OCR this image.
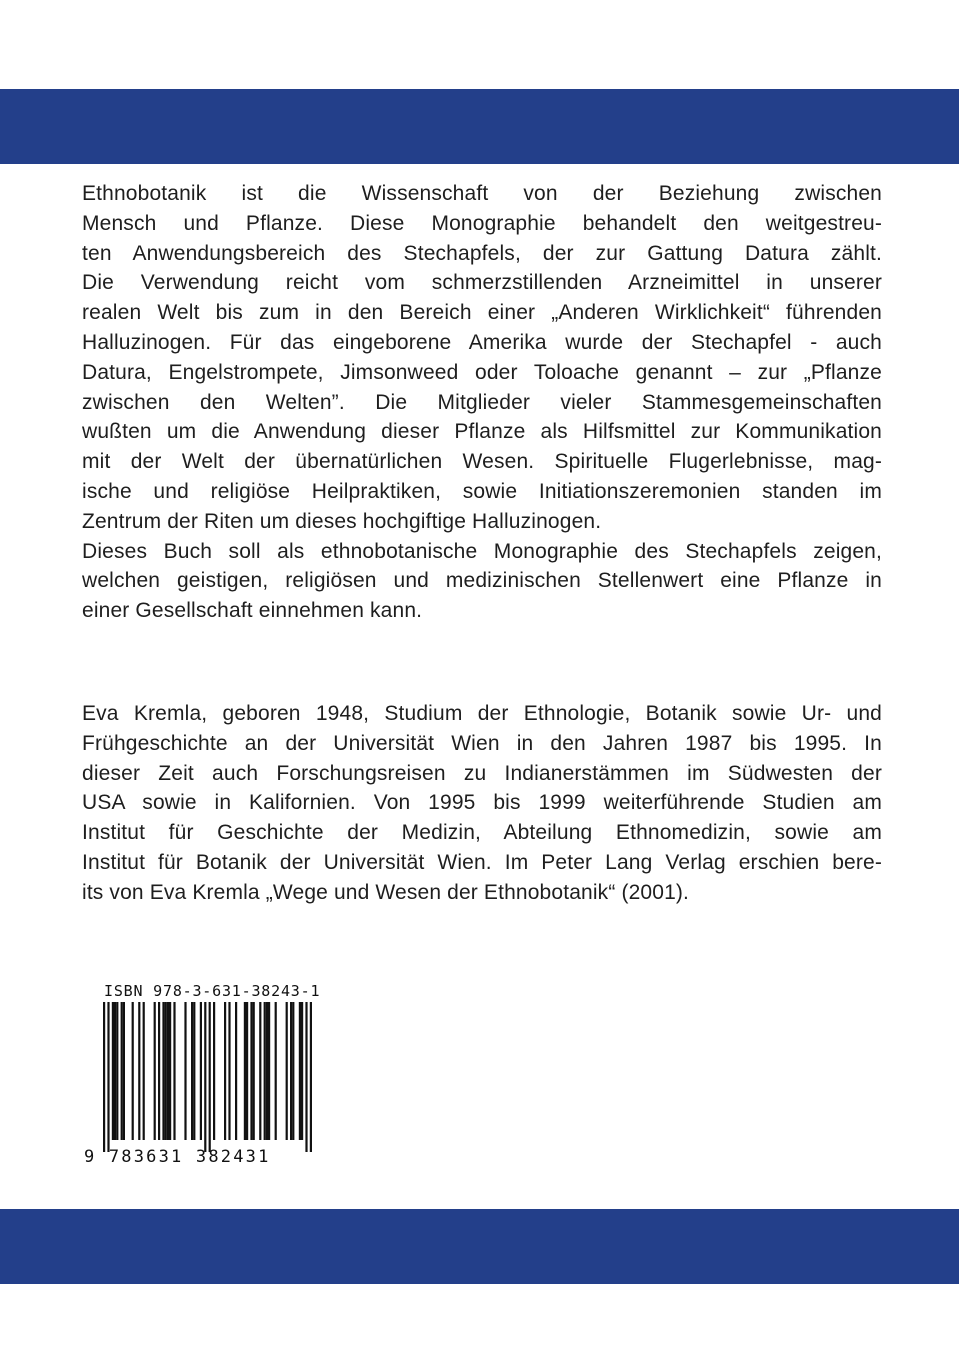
Ethnobotanik ist die Wissenschaft von der Beziehung zwischen
Mensch und Pflanze. Diese Monographie behandelt den weitgestreu-
ten Anwendungsbereich des Stechapfels, der zur Gattung Datura zählt.
Die Verwendung reicht vom schmerzstillenden Arzneimittel in unserer
realen Welt bis zum in den Bereich einer „Anderen Wirklichkeit“ führenden
Halluzinogen. Für das eingeborene Amerika wurde der Stechapfel - auch
Datura, Engelstrompete, Jimsonweed oder Toloache genannt – zur „Pflanze
zwischen den Welten”. Die Mitglieder vieler Stammesgemeinschaften
wußten um die Anwendung dieser Pflanze als Hilfsmittel zur Kommunikation
mit der Welt der übernatürlichen Wesen. Spirituelle Flugerlebnisse, mag-
ische und religiöse Heilpraktiken, sowie Initiationszeremonien standen im
Zentrum der Riten um dieses hochgiftige Halluzinogen.
Dieses Buch soll als ethnobotanische Monographie des Stechapfels zeigen,
welchen geistigen, religiösen und medizinischen Stellenwert eine Pflanze in
einer Gesellschaft einnehmen kann.

Eva Kremla, geboren 1948, Studium der Ethnologie, Botanik sowie Ur- und
Frühgeschichte an der Universität Wien in den Jahren 1987 bis 1995. In
dieser Zeit auch Forschungsreisen zu Indianerstämmen im Südwesten der
USA sowie in Kalifornien. Von 1995 bis 1999 weiterführende Studien am
Institut für Geschichte der Medizin, Abteilung Ethnomedizin, sowie am
Institut für Botanik der Universität Wien. Im Peter Lang Verlag erschien bere-
its von Eva Kremla „Wege und Wesen der Ethnobotanik“ (2001).

ISBN 978-3-631-38243-1
9 783631 382431
